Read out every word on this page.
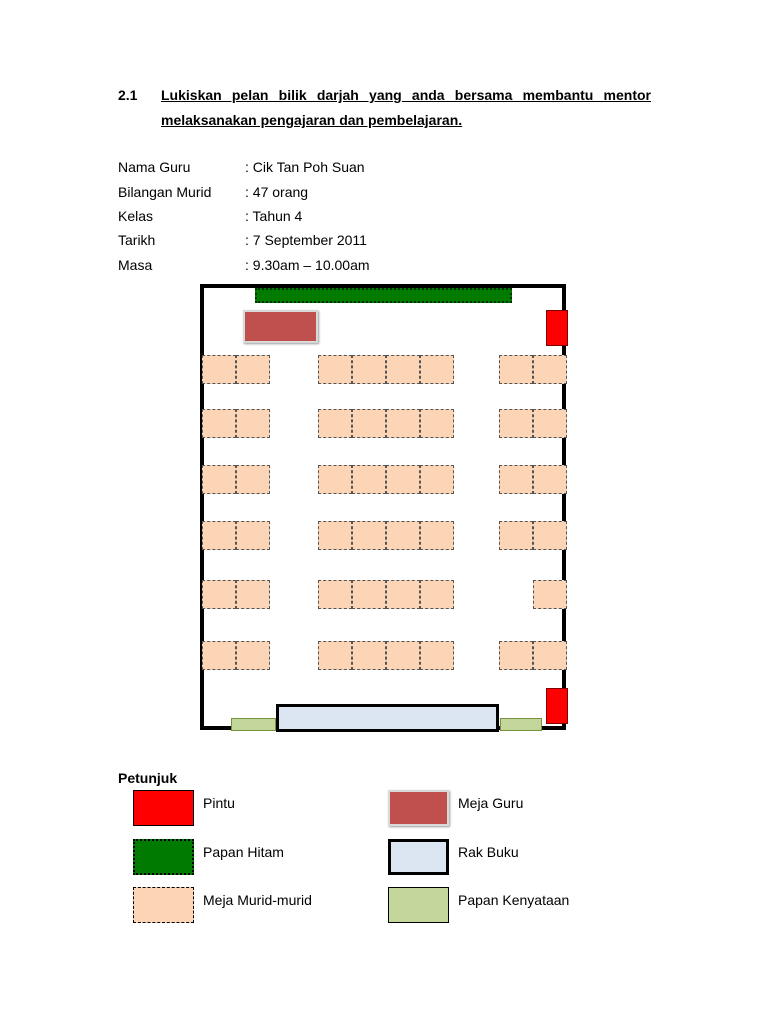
2.1 Lukiskan pelan bilik darjah yang anda bersama membantu mentor
melaksanakan pengajaran dan pembelajaran.
Nama Guru	: Cik Tan Poh Suan
Bilangan Murid : 47 orang
Kelas	: Tahun 4
Tarikh	: 7 September 2011
Masa	: 9.30am – 10.00am
Petunjuk
Pintu	Meja Guru
Papan Hitam	Rak Buku
Meja Murid-murid	Papan Kenyataan
